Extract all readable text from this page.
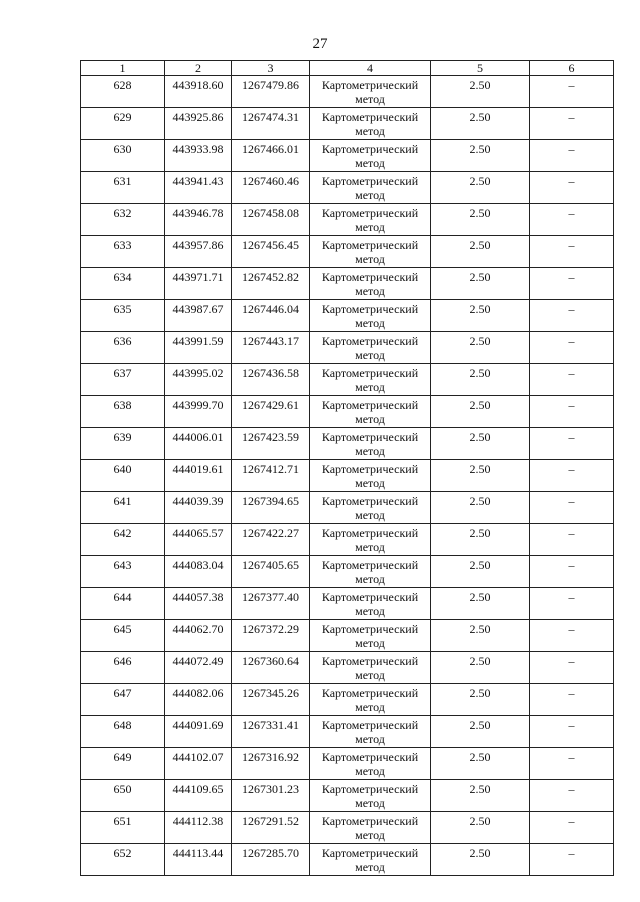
27
1	2	3	4	5	6
628	443918.60	1267479.86	Картометрический метод	2.50	–
629	443925.86	1267474.31	Картометрический метод	2.50	–
630	443933.98	1267466.01	Картометрический метод	2.50	–
631	443941.43	1267460.46	Картометрический метод	2.50	–
632	443946.78	1267458.08	Картометрический метод	2.50	–
633	443957.86	1267456.45	Картометрический метод	2.50	–
634	443971.71	1267452.82	Картометрический метод	2.50	–
635	443987.67	1267446.04	Картометрический метод	2.50	–
636	443991.59	1267443.17	Картометрический метод	2.50	–
637	443995.02	1267436.58	Картометрический метод	2.50	–
638	443999.70	1267429.61	Картометрический метод	2.50	–
639	444006.01	1267423.59	Картометрический метод	2.50	–
640	444019.61	1267412.71	Картометрический метод	2.50	–
641	444039.39	1267394.65	Картометрический метод	2.50	–
642	444065.57	1267422.27	Картометрический метод	2.50	–
643	444083.04	1267405.65	Картометрический метод	2.50	–
644	444057.38	1267377.40	Картометрический метод	2.50	–
645	444062.70	1267372.29	Картометрический метод	2.50	–
646	444072.49	1267360.64	Картометрический метод	2.50	–
647	444082.06	1267345.26	Картометрический метод	2.50	–
648	444091.69	1267331.41	Картометрический метод	2.50	–
649	444102.07	1267316.92	Картометрический метод	2.50	–
650	444109.65	1267301.23	Картометрический метод	2.50	–
651	444112.38	1267291.52	Картометрический метод	2.50	–
652	444113.44	1267285.70	Картометрический метод	2.50	–
